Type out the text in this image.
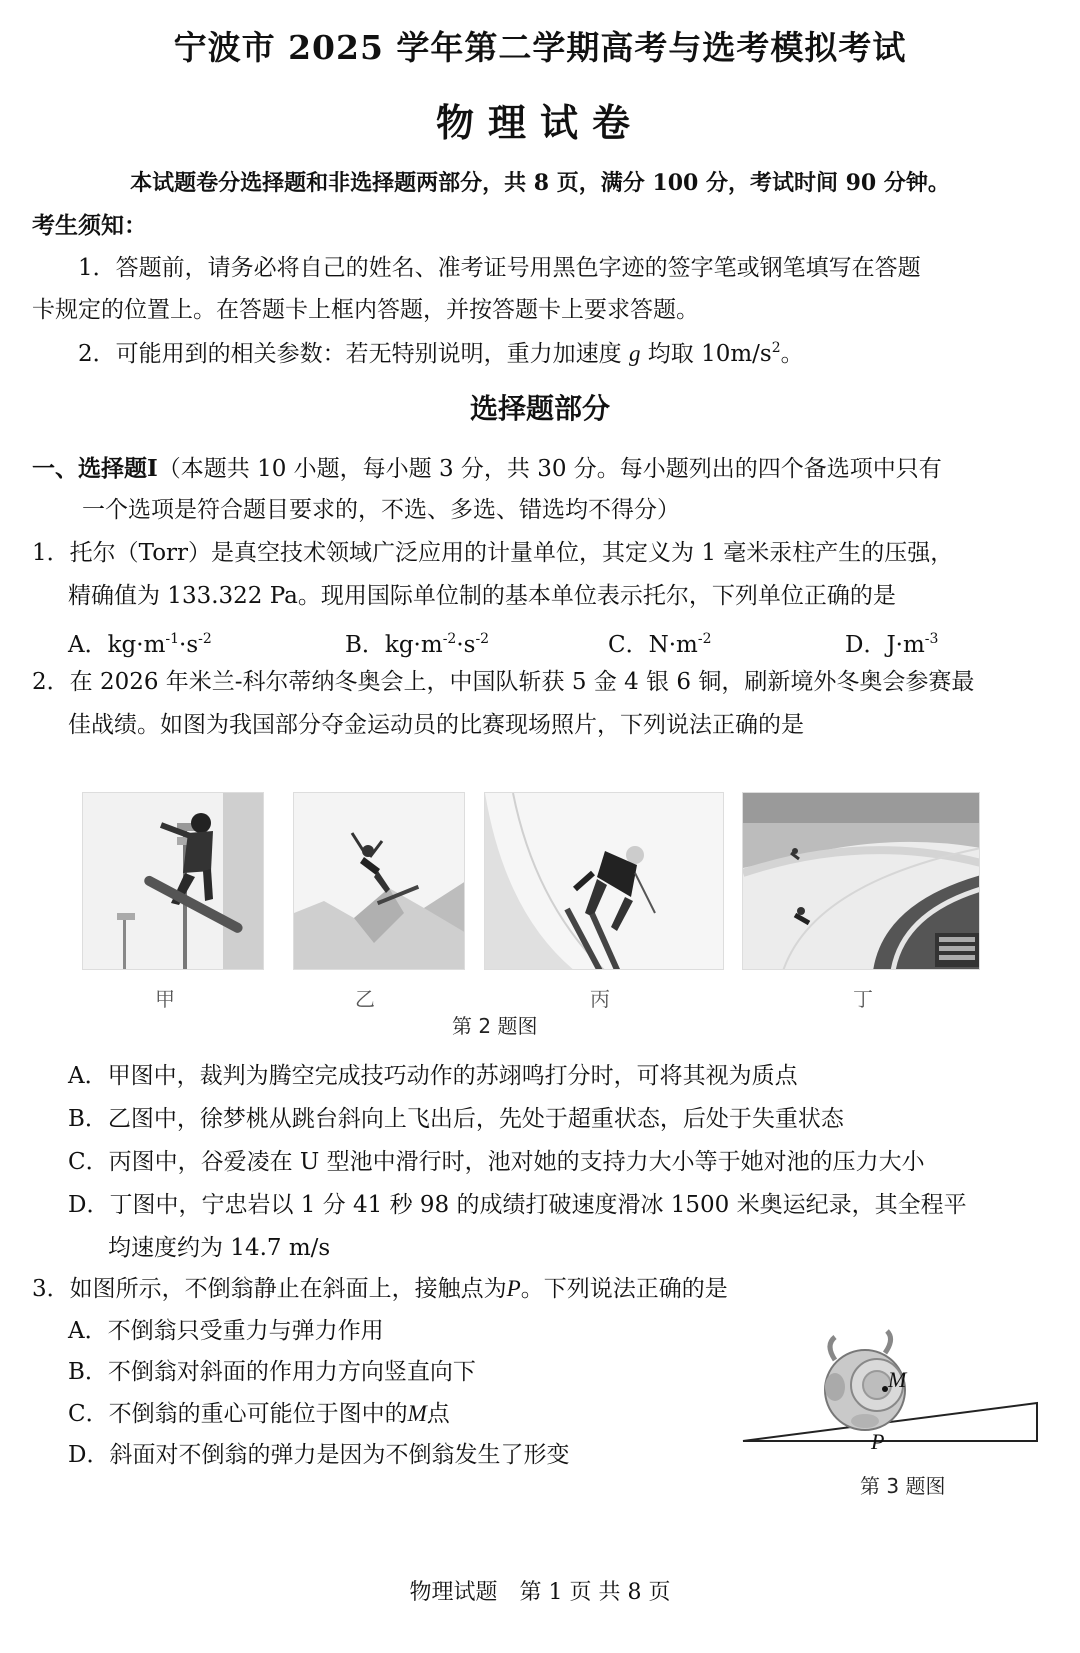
宁波市 2025 学年第二学期高考与选考模拟考试
物理试卷
本试题卷分选择题和非选择题两部分，共 8 页，满分 100 分，考试时间 90 分钟。
考生须知：
1．答题前，请务必将自己的姓名、准考证号用黑色字迹的签字笔或钢笔填写在答题
卡规定的位置上。在答题卡上框内答题，并按答题卡上要求答题。
2．可能用到的相关参数：若无特别说明，重力加速度 g 均取 $10m/s^2$。
选择题部分
一、选择题Ⅰ（本题共 10 小题，每小题 3 分，共 30 分。每小题列出的四个备选项中只有
一个选项是符合题目要求的，不选、多选、错选均不得分）
1．托尔（Torr）是真空技术领域广泛应用的计量单位，其定义为 1 毫米汞柱产生的压强，
精确值为 133.322 Pa。现用国际单位制的基本单位表示托尔，下列单位正确的是
A．$kg\cdot m^{-1}\cdot s^{-2}$	B．$kg\cdot m^{-2}\cdot s^{-2}$	C．$N\cdot m^{-2}$	D．$J\cdot m^{-3}$
2．在 2026 年米兰-科尔蒂纳冬奥会上，中国队斩获 5 金 4 银 6 铜，刷新境外冬奥会参赛最
佳战绩。如图为我国部分夺金运动员的比赛现场照片，下列说法正确的是
甲	乙	丙	丁
第 2 题图
A．甲图中，裁判为腾空完成技巧动作的苏翊鸣打分时，可将其视为质点
B．乙图中，徐梦桃从跳台斜向上飞出后，先处于超重状态，后处于失重状态
C．丙图中，谷爱凌在 U 型池中滑行时，池对她的支持力大小等于她对池的压力大小
D．丁图中，宁忠岩以 1 分 41 秒 98 的成绩打破速度滑冰 1500 米奥运纪录，其全程平
均速度约为 14.7 m/s
3．如图所示，不倒翁静止在斜面上，接触点为P。下列说法正确的是
A．不倒翁只受重力与弹力作用
B．不倒翁对斜面的作用力方向竖直向下
C．不倒翁的重心可能位于图中的M点
D．斜面对不倒翁的弹力是因为不倒翁发生了形变
M
P
第 3 题图
物理试题　第 1 页 共 8 页
